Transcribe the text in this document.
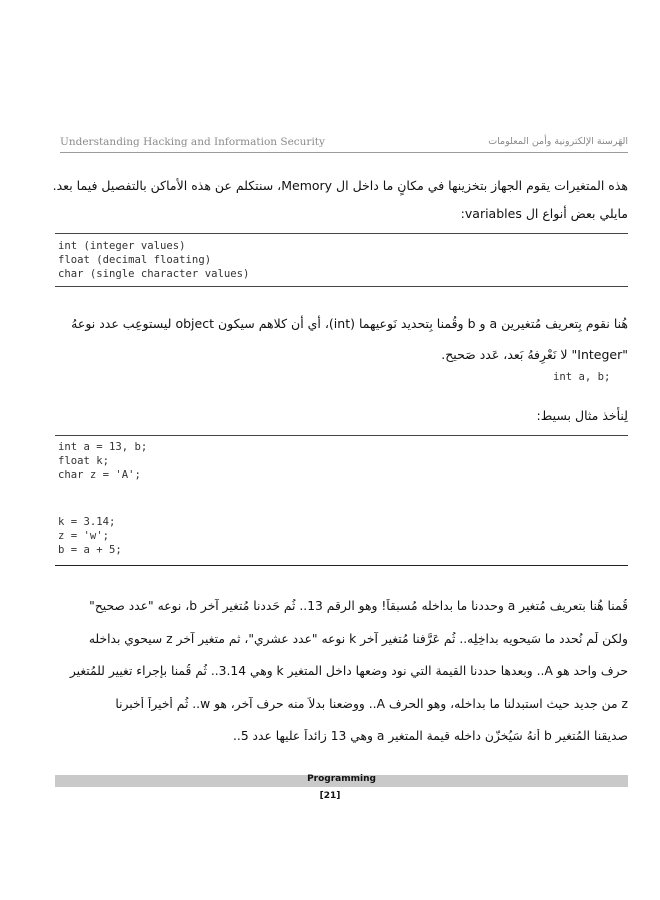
Understanding Hacking and Information Security	الهَرسنة الإلكترونية وأمن المعلومات
هذه المتغيرات يقوم الجهاز بتخزينها في مكانٍ ما داخل ال Memory، سنتكلم عن هذه الأماكن بالتفصيل فيما بعد.
مايلي بعض أنواع ال variables:
int (integer values)
float (decimal floating)
char (single character values)
هُنا نقوم بِتعريف مُتغيرين a و b وقُمنا بِتحديد نَوعيهما (int)، أي أن كلاهم سيكون object ليستوعِب عدد نوعهُ
"Integer" لا نَعْرِفهُ بَعد، عَدد صَحيح.
int a, b;
لِنأخذ مثال بسيط:
int a = 13, b;
float k;
char z = 'A';
k = 3.14;
z = 'w';
b = a + 5;
قُمنا هُنا بتعريف مُتغير a وحددنا ما بداخله مُسبقاً! وهو الرقم 13.. ثُم حَددنا مُتغير آخر b، نوعه "عدد صحيح"
ولكن لَم نُحدد ما سَيحويه بداخِلِه.. ثُم عَرَّفنا مُتغير آخر k نوعه "عدد عشري"، ثم متغير آخر z سيحوي بداخله
حرف واحد هو A.. وبعدها حددنا القيمة التي نود وضعها داخل المتغير k وهي 3.14.. ثُم قُمنا بإجراء تغيير للمُتغير
z من جديد حيث استبدلنا ما بداخله، وهو الحرف A.. ووضعنا بدلاً منه حرف آخر، هو w.. ثُم أخيراً أخبرنا
صديقنا المُتغير b أنهُ سَيُخزّن داخله قيمة المتغير a وهي 13 زائداً عليها عدد 5..
Programming
[21]
